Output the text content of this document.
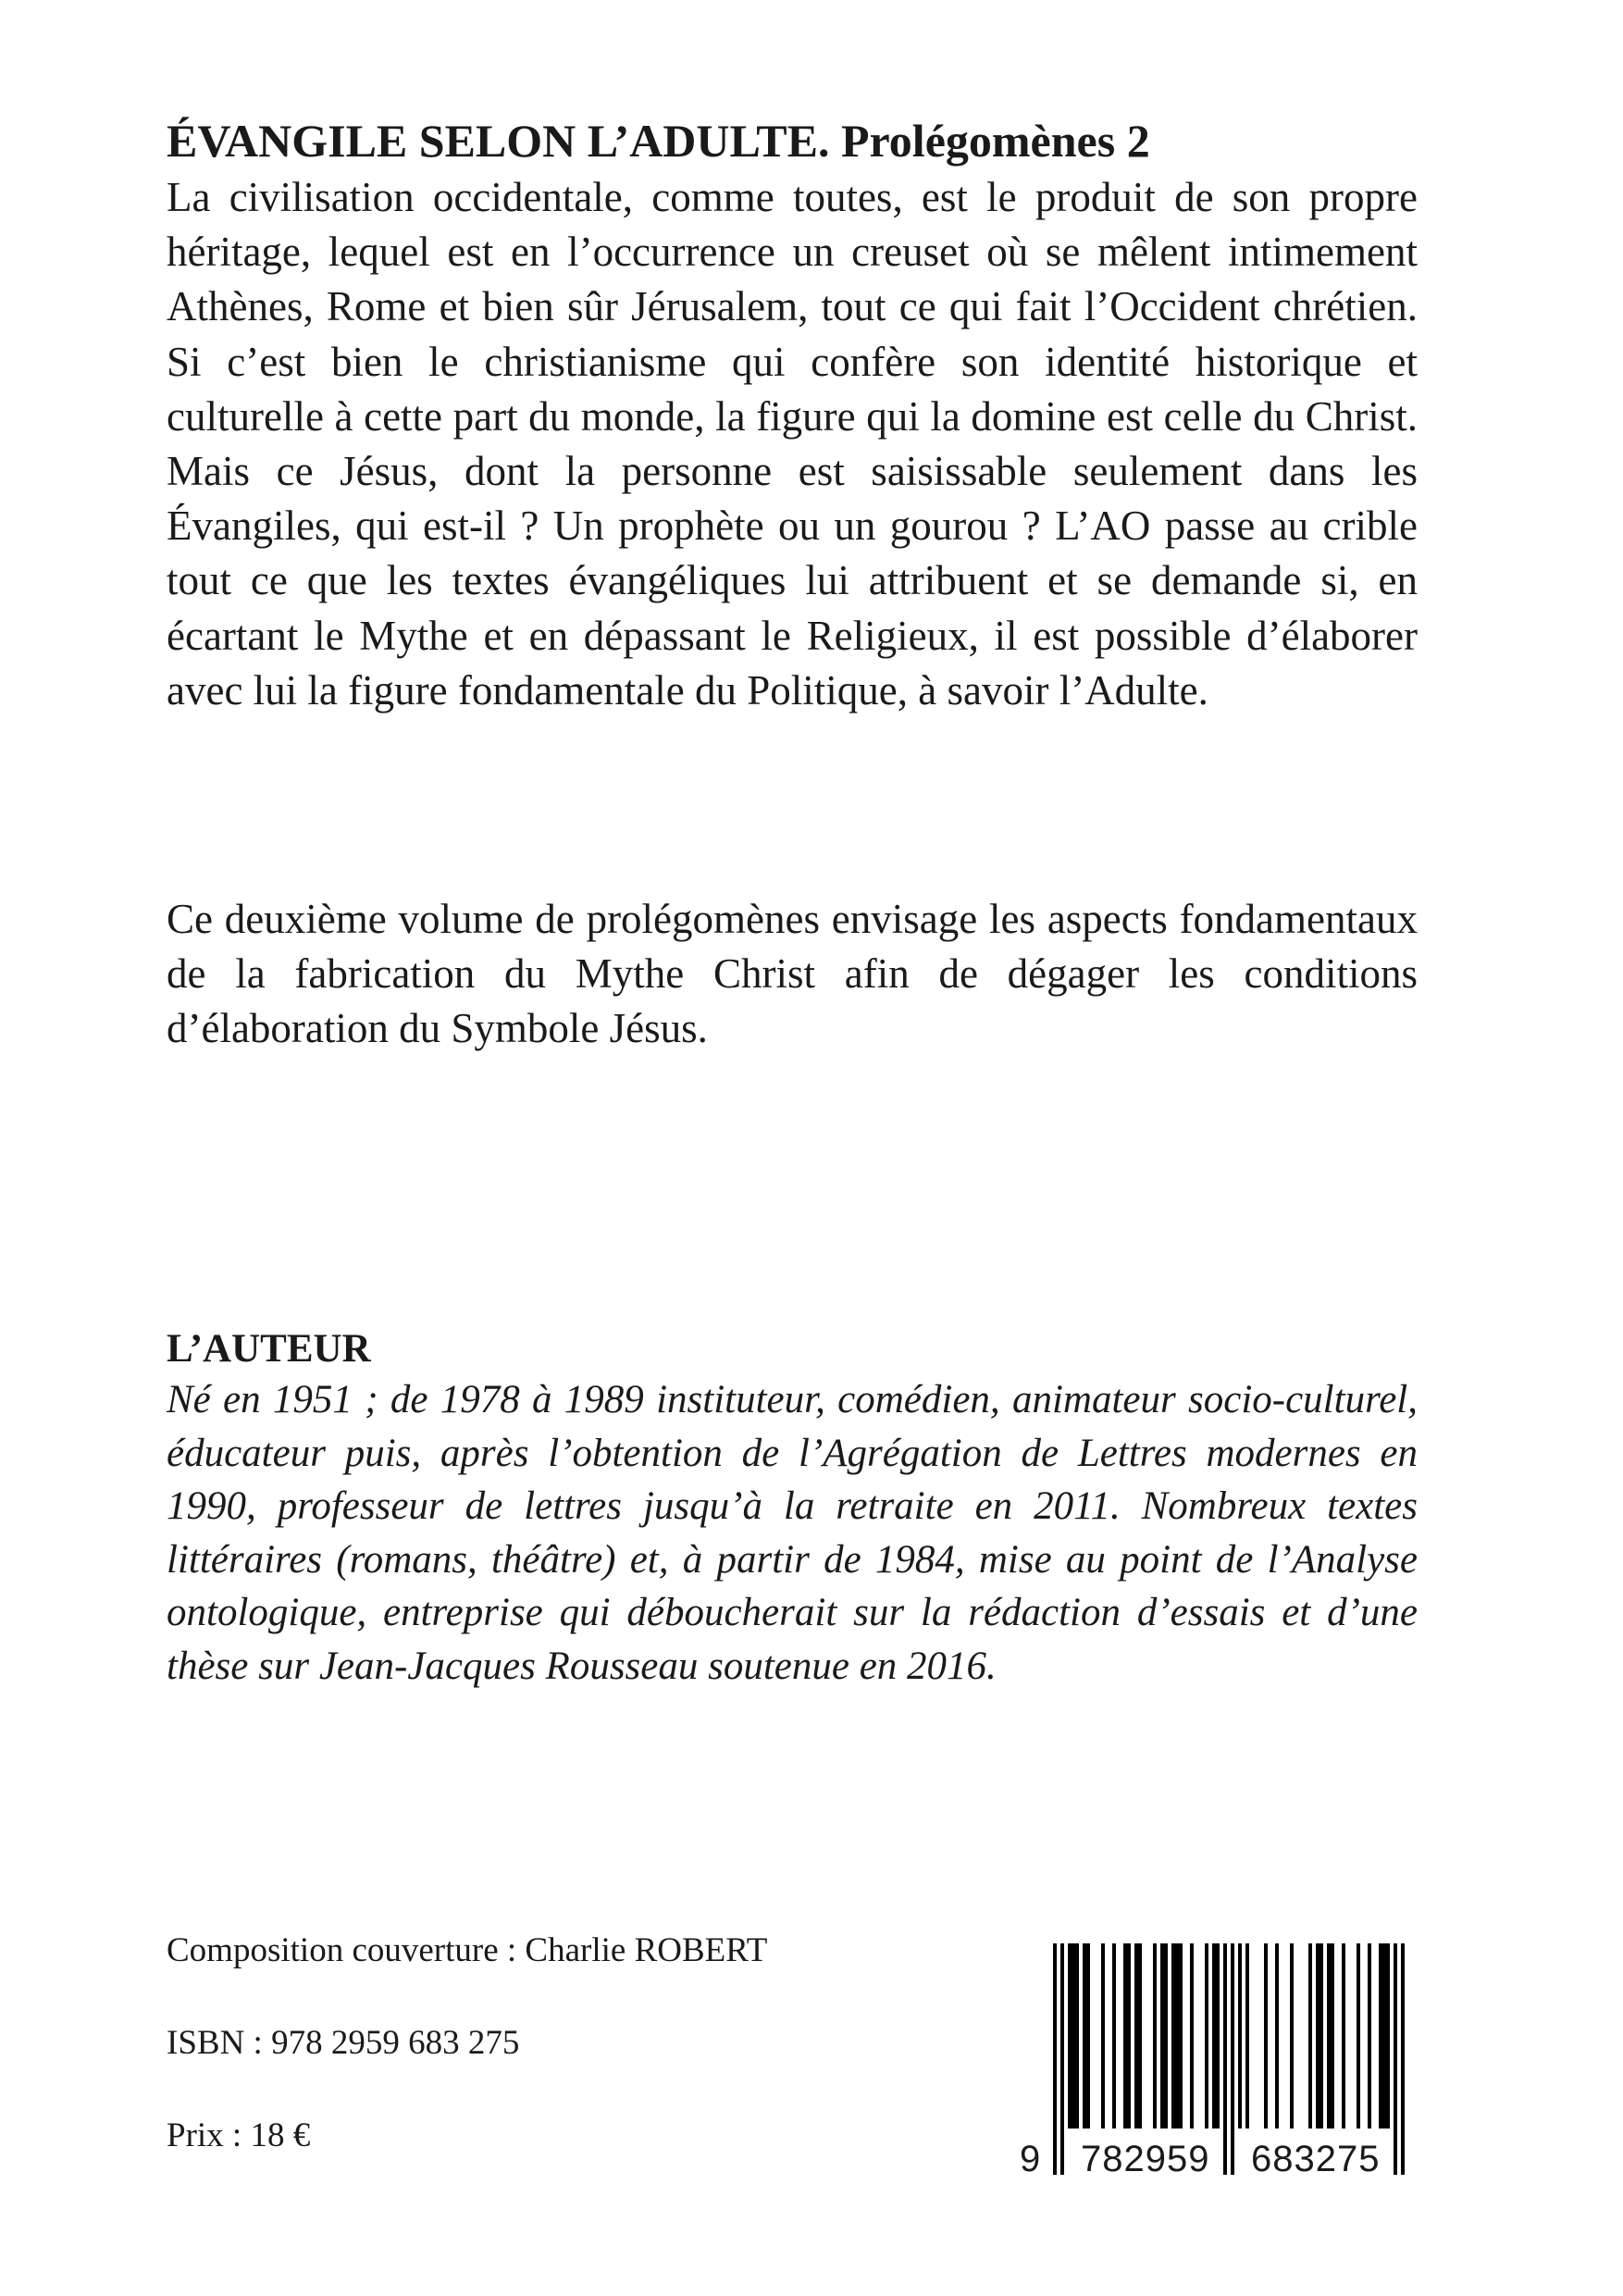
ÉVANGILE SELON L’ADULTE. Prolégomènes 2

La civilisation occidentale, comme toutes, est le produit de son propre héritage, lequel est en l’occurrence un creuset où se mêlent intimement Athènes, Rome et bien sûr Jérusalem, tout ce qui fait l’Occident chrétien. Si c’est bien le christianisme qui confère son identité historique et culturelle à cette part du monde, la figure qui la domine est celle du Christ. Mais ce Jésus, dont la personne est saisissable seulement dans les Évangiles, qui est-il ? Un prophète ou un gourou ? L’AO passe au crible tout ce que les textes évangéliques lui attribuent et se demande si, en écartant le Mythe et en dépassant le Religieux, il est possible d’élaborer avec lui la figure fondamentale du Politique, à savoir l’Adulte.

Ce deuxième volume de prolégomènes envisage les aspects fondamentaux de la fabrication du Mythe Christ afin de dégager les conditions d’élaboration du Symbole Jésus.

L’AUTEUR

Né en 1951 ; de 1978 à 1989 instituteur, comédien, animateur socio-culturel, éducateur puis, après l’obtention de l’Agrégation de Lettres modernes en 1990, professeur de lettres jusqu’à la retraite en 2011. Nombreux textes littéraires (romans, théâtre) et, à partir de 1984, mise au point de l’Analyse ontologique, entreprise qui déboucherait sur la rédaction d’essais et d’une thèse sur Jean-Jacques Rousseau soutenue en 2016.

Composition couverture : Charlie ROBERT
ISBN : 978 2959 683 275
Prix : 18 €
9 782959 683275
